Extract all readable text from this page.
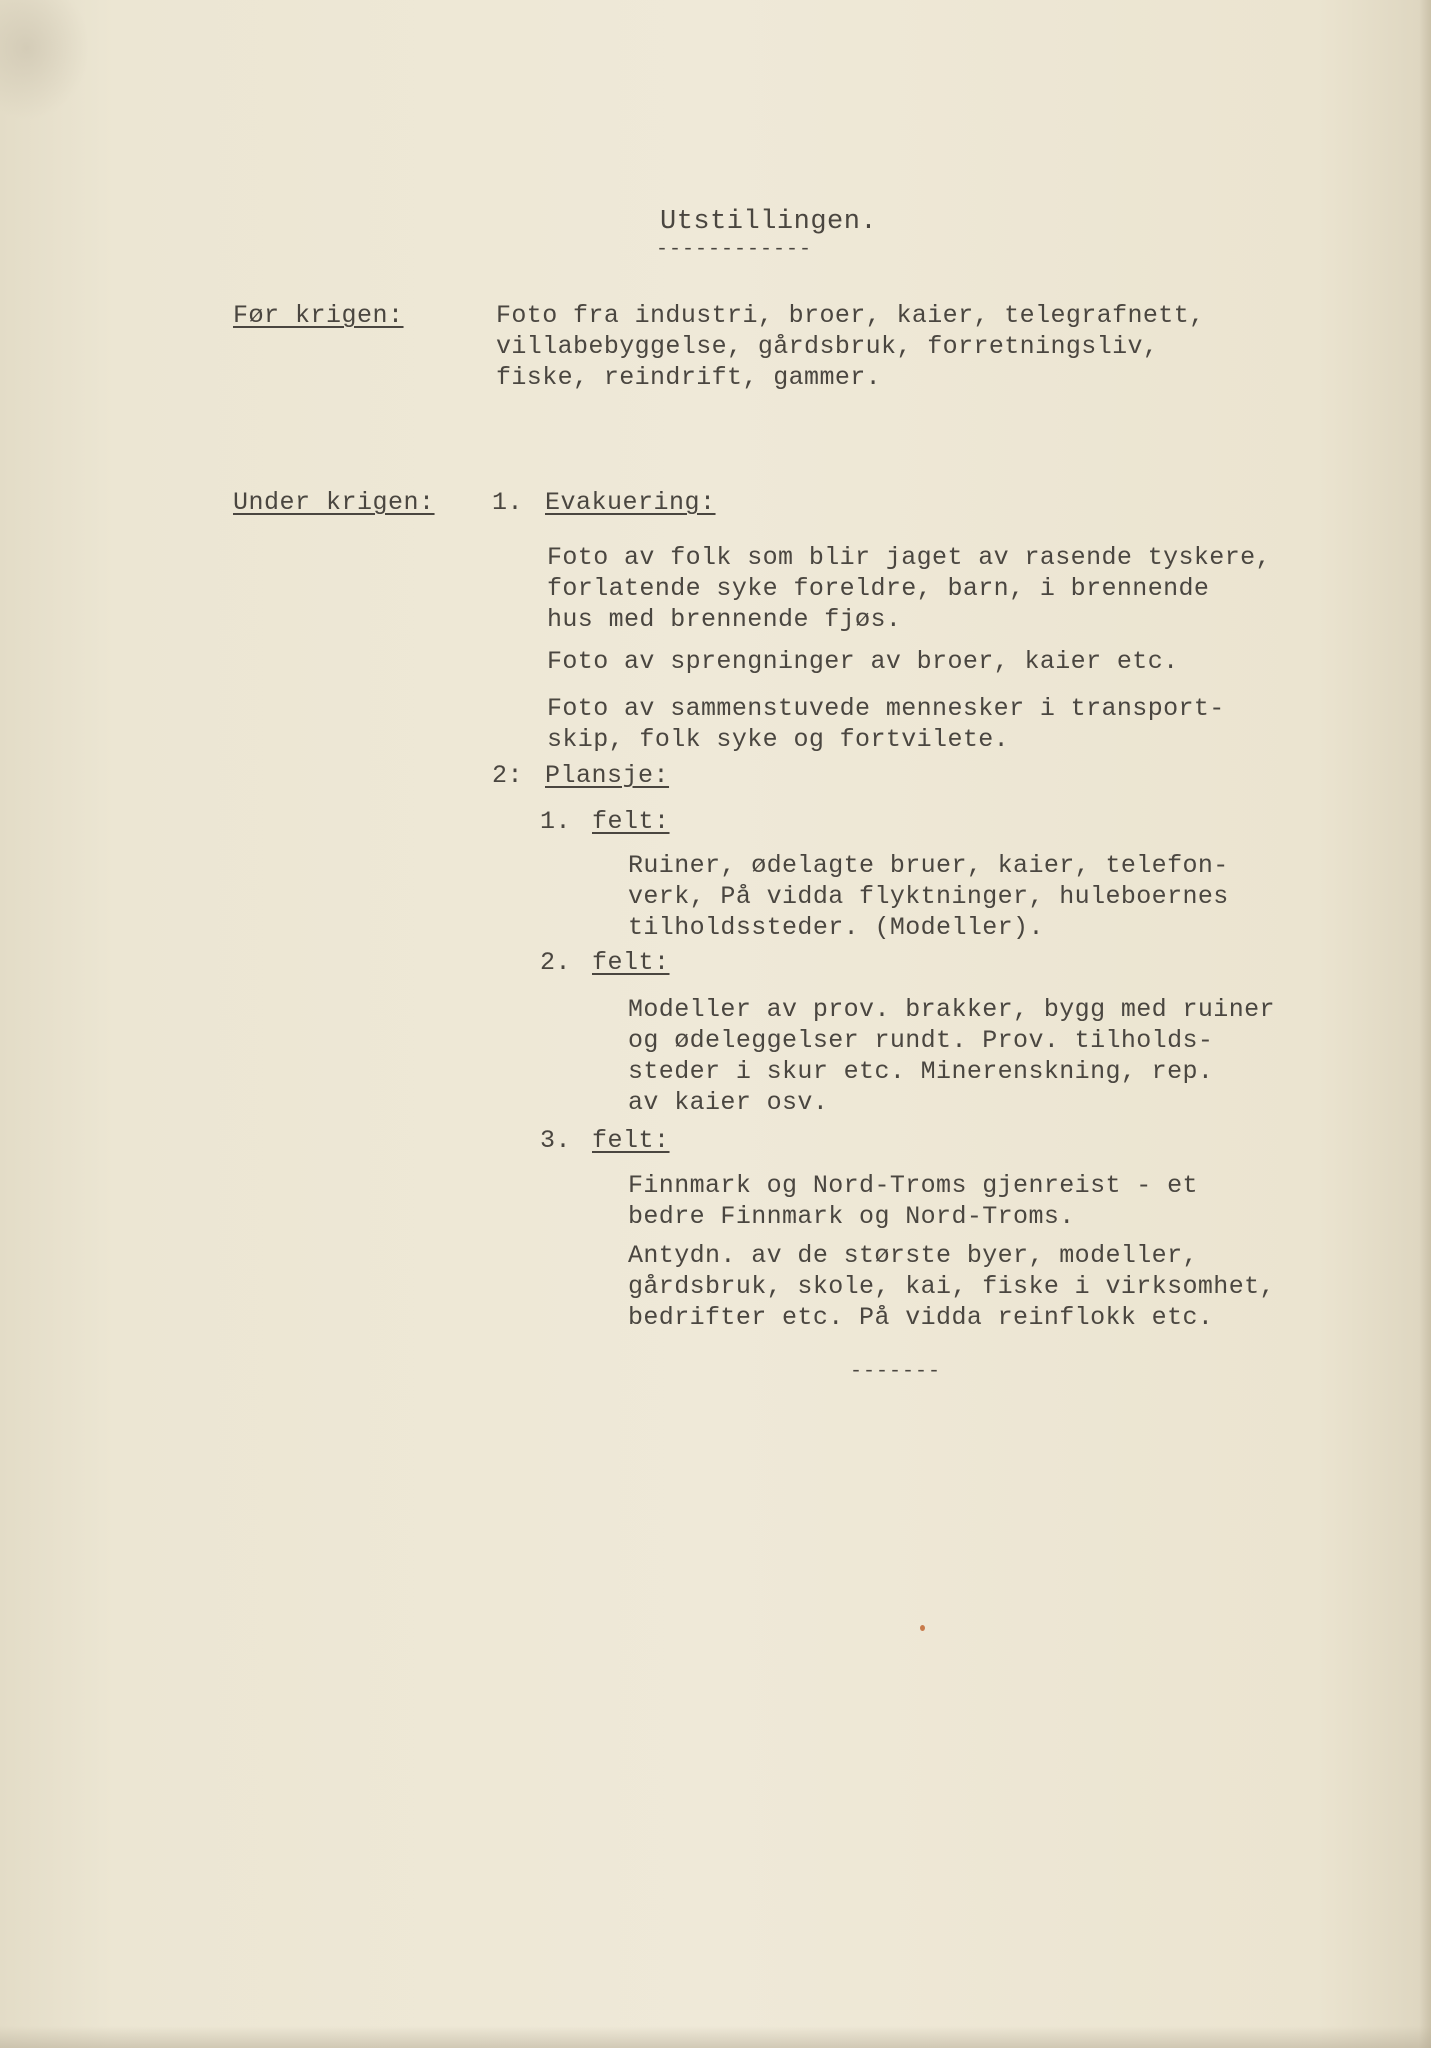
Utstillingen.
------------
Før krigen:	Foto fra industri, broer, kaier, telegrafnett,
villabebyggelse, gårdsbruk, forretningsliv,
fiske, reindrift, gammer.
Under krigen: 1. Evakuering:
Foto av folk som blir jaget av rasende tyskere,
forlatende syke foreldre, barn, i brennende
hus med brennende fjøs.
Foto av sprengninger av broer, kaier etc.
Foto av sammenstuvede mennesker i transport-
skip, folk syke og fortvilete.
2: Plansje:
1. felt:
Ruiner, ødelagte bruer, kaier, telefon-
verk, På vidda flyktninger, huleboernes
tilholdssteder. (Modeller).
2. felt:
Modeller av prov. brakker, bygg med ruiner
og ødeleggelser rundt. Prov. tilholds-
steder i skur etc. Minerenskning, rep.
av kaier osv.
3. felt:
Finnmark og Nord-Troms gjenreist - et
bedre Finnmark og Nord-Troms.
Antydn. av de største byer, modeller,
gårdsbruk, skole, kai, fiske i virksomhet,
bedrifter etc. På vidda reinflokk etc.
-------
